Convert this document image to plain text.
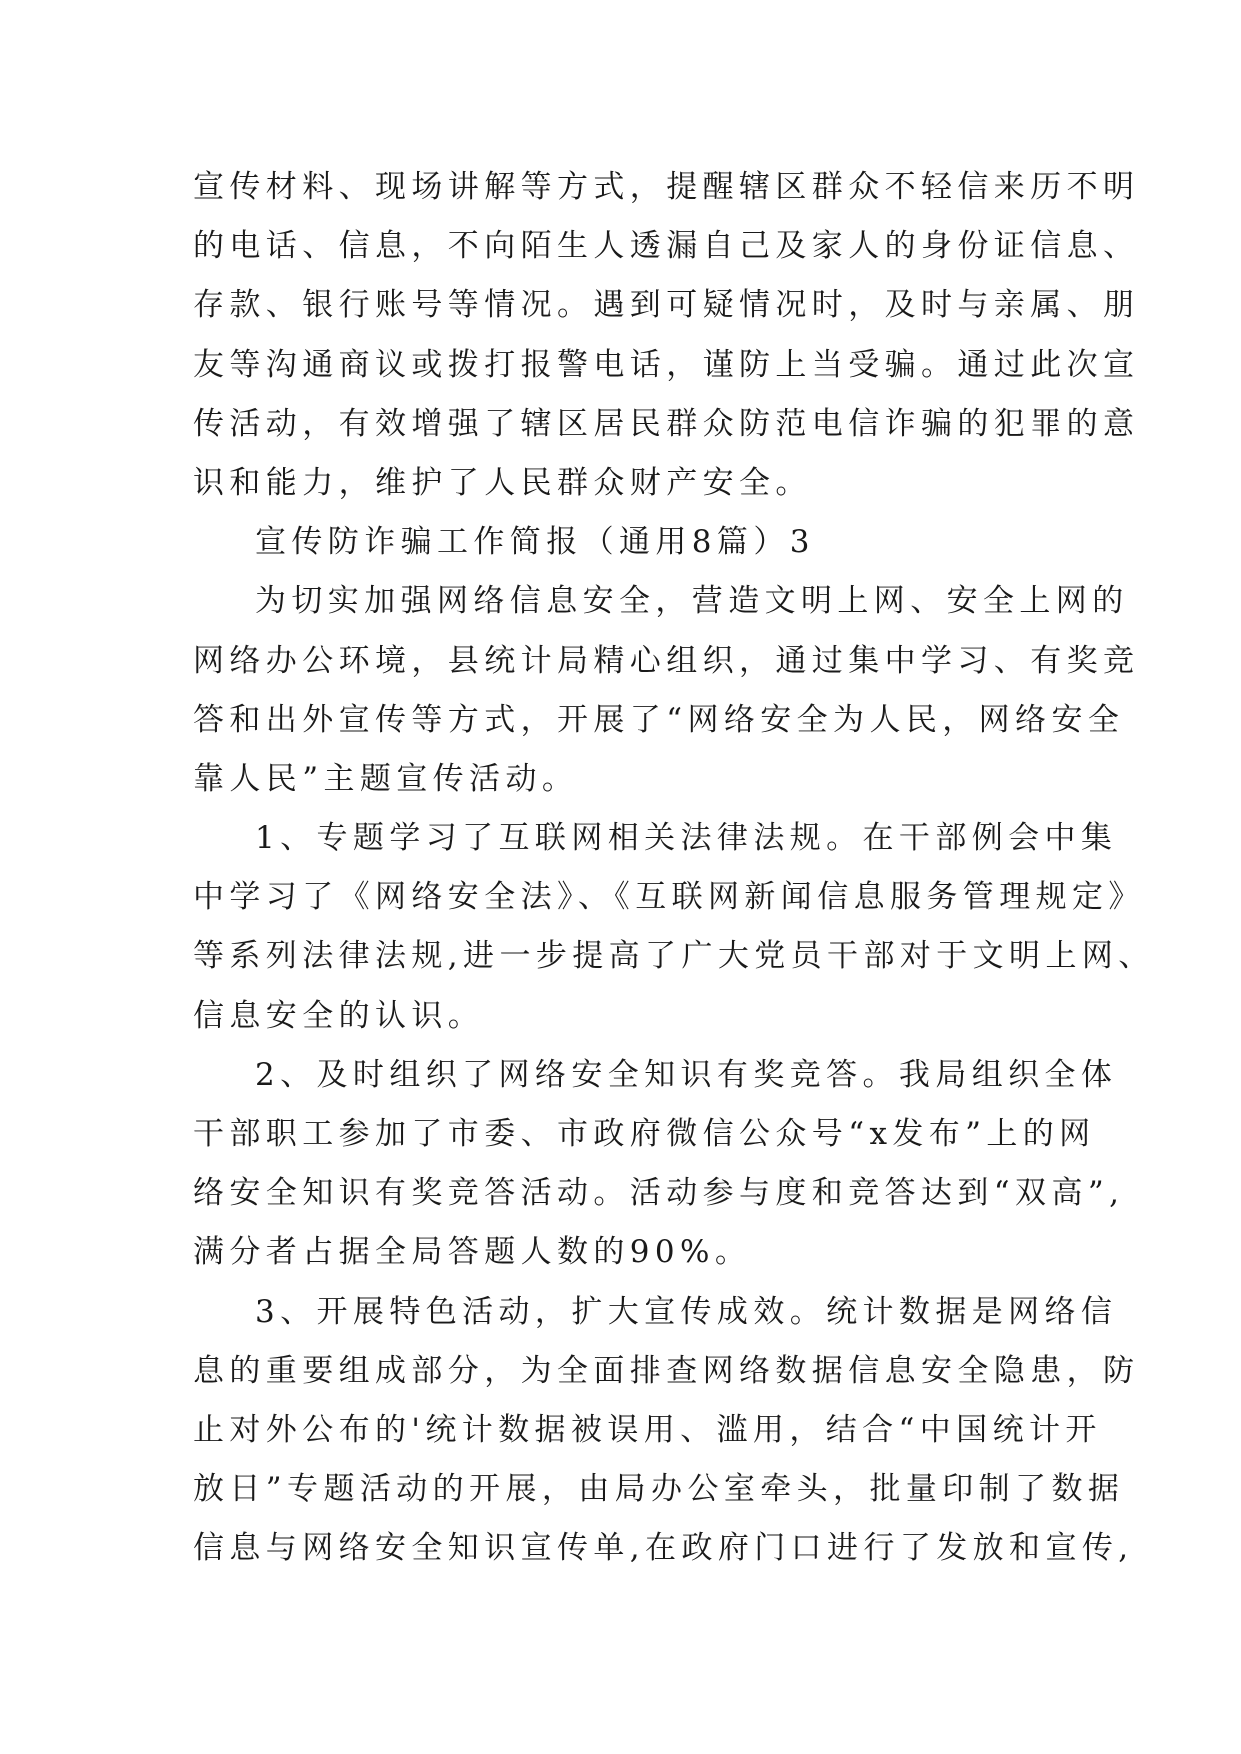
宣传材料、现场讲解等方式，提醒辖区群众不轻信来历不明
的电话、信息，不向陌生人透漏自己及家人的身份证信息、
存款、银行账号等情况。遇到可疑情况时，及时与亲属、朋
友等沟通商议或拨打报警电话，谨防上当受骗。通过此次宣
传活动，有效增强了辖区居民群众防范电信诈骗的犯罪的意
识和能力，维护了人民群众财产安全。
宣传防诈骗工作简报（通用8篇）3
为切实加强网络信息安全，营造文明上网、安全上网的
网络办公环境，县统计局精心组织，通过集中学习、有奖竞
答和出外宣传等方式，开展了“网络安全为人民，网络安全
靠人民”主题宣传活动。
1、专题学习了互联网相关法律法规。在干部例会中集
中学习了《网络安全法》、《互联网新闻信息服务管理规定》
等系列法律法规,进一步提高了广大党员干部对于文明上网、
信息安全的认识。
2、及时组织了网络安全知识有奖竞答。我局组织全体
干部职工参加了市委、市政府微信公众号“x发布”上的网
络安全知识有奖竞答活动。活动参与度和竞答达到“双高”,
满分者占据全局答题人数的90%。
3、开展特色活动，扩大宣传成效。统计数据是网络信
息的重要组成部分，为全面排查网络数据信息安全隐患，防
止对外公布的'统计数据被误用、滥用，结合“中国统计开
放日”专题活动的开展，由局办公室牵头，批量印制了数据
信息与网络安全知识宣传单,在政府门口进行了发放和宣传,
